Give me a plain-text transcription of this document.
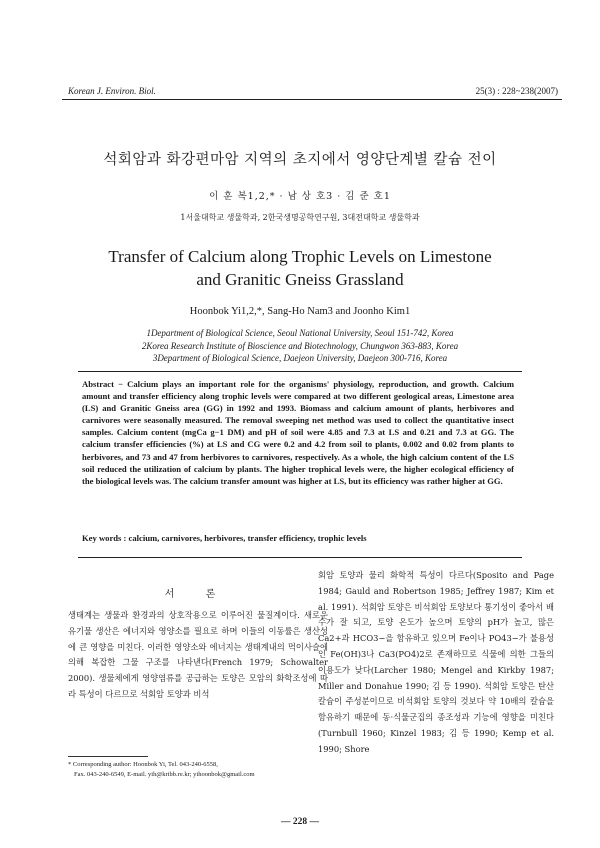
Korean J. Environ. Biol.	25(3) : 228~238(2007)
석회암과 화강편마암 지역의 초지에서 영양단계별 칼슘 전이
이 훈 복1,2,* · 남 상 호3 · 김 준 호1
1서울대학교 생물학과, 2한국생명공학연구원, 3대전대학교 생물학과
Transfer of Calcium along Trophic Levels on Limestone
and Granitic Gneiss Grassland
Hoonbok Yi1,2,*, Sang-Ho Nam3 and Joonho Kim1
1Department of Biological Science, Seoul National University, Seoul 151-742, Korea
2Korea Research Institute of Bioscience and Biotechnology, Chungwon 363-883, Korea
3Department of Biological Science, Daejeon University, Daejeon 300-716, Korea
Abstract − Calcium plays an important role for the organisms' physiology, reproduction, and growth. Calcium amount and transfer efficiency along trophic levels were compared at two different geological areas, Limestone area (LS) and Granitic Gneiss area (GG) in 1992 and 1993. Biomass and calcium amount of plants, herbivores and carnivores were seasonally measured. The removal sweeping net method was used to collect the quantitative insect samples. Calcium content (mgCa g−1 DM) and pH of soil were 4.85 and 7.3 at LS and 0.21 and 7.3 at GG. The calcium transfer efficiencies (%) at LS and CG were 0.2 and 4.2 from soil to plants, 0.002 and 0.02 from plants to herbivores, and 73 and 47 from herbivores to carnivores, respectively. As a whole, the high calcium content of the LS soil reduced the utilization of calcium by plants. The higher trophical levels were, the higher ecological efficiency of the biological levels was. The calcium transfer amount was higher at LS, but its efficiency was rather higher at GG.
Key words : calcium, carnivores, herbivores, transfer efficiency, trophic levels
서 론
생태계는 생물과 환경과의 상호작용으로 이루어진 물질계이다. 새로운 유기물 생산은 에너지와 영양소를 필요로 하며 이들의 이동률은 생산성에 큰 영향을 미친다. 이러한 영양소와 에너지는 생태계내의 먹이사슬에 의해 복잡한 그물 구조를 나타낸다(French 1979; Schowalter 2000). 생물체에게 영양염류를 공급하는 토양은 모암의 화학조성에 따라 특성이 다르므로 석회암 토양과 비석
회암 토양과 물리 화학적 특성이 다르다(Sposito and Page 1984; Gauld and Robertson 1985; Jeffrey 1987; Kim et al. 1991). 석회암 토양은 비석회암 토양보다 통기성이 좋아서 배수가 잘 되고, 토양 온도가 높으며 토양의 pH가 높고, 많은 Ca2+과 HCO3−을 함유하고 있으며 Fe이나 PO43−가 불용성인 Fe(OH)3나 Ca3(PO4)2로 존재하므로 식물에 의한 그들의 이용도가 낮다(Larcher 1980; Mengel and Kirkby 1987; Miller and Donahue 1990; 김 등 1990). 석회암 토양은 탄산칼슘이 주성분이므로 비석회암 토양의 것보다 약 10배의 칼슘을 함유하기 때문에 동·식물군집의 종조성과 기능에 영향을 미친다(Turnbull 1960; Kinzel 1983; 김 등 1990; Kemp et al. 1990; Shore
* Corresponding author: Hoonbok Yi, Tel. 043-240-6558,
Fax. 043-240-6549, E-mail. yih@kribb.re.kr; yihoonbok@gmail.com
— 228 —
